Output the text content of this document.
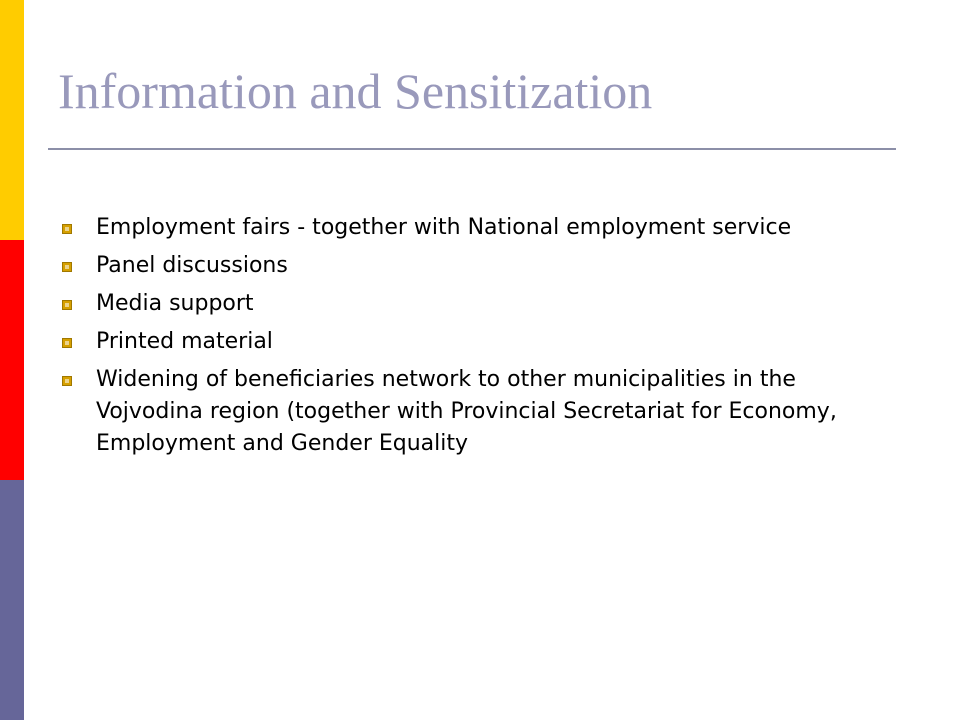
Information and Sensitization
Employment fairs - together with National employment service
Panel discussions
Media support
Printed material
Widening of beneficiaries network to other municipalities in the Vojvodina region (together with Provincial Secretariat for Economy, Employment and Gender Equality
